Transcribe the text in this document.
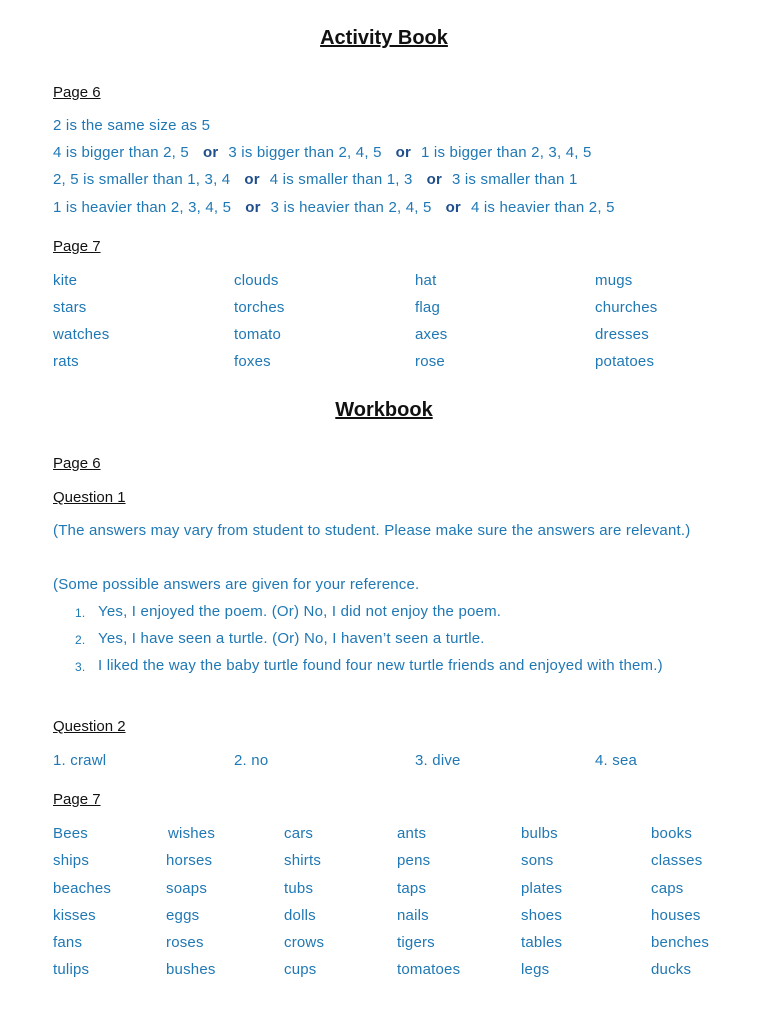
Activity Book
Page 6
2 is the same size as 5
4 is bigger than 2, 5 or 3 is bigger than 2, 4, 5 or 1 is bigger than 2, 3, 4, 5
2, 5 is smaller than 1, 3, 4 or 4 is smaller than 1, 3 or 3 is smaller than 1
1 is heavier than 2, 3, 4, 5 or 3 is heavier than 2, 4, 5 or 4 is heavier than 2, 5
Page 7
kite	clouds	hat	mugs
stars	torches	flag	churches
watches	tomato	axes	dresses
rats	foxes	rose	potatoes
Workbook
Page 6
Question 1
(The answers may vary from student to student. Please make sure the answers are relevant.)
(Some possible answers are given for your reference.
1. Yes, I enjoyed the poem. (Or) No, I did not enjoy the poem.
2. Yes, I have seen a turtle. (Or) No, I haven’t seen a turtle.
3. I liked the way the baby turtle found four new turtle friends and enjoyed with them.)
Question 2
1. crawl	2. no	3. dive	4. sea
Page 7
Bees	wishes	cars	ants	bulbs	books
ships	horses	shirts	pens	sons	classes
beaches	soaps	tubs	taps	plates	caps
kisses	eggs	dolls	nails	shoes	houses
fans	roses	crows	tigers	tables	benches
tulips	bushes	cups	tomatoes	legs	ducks
